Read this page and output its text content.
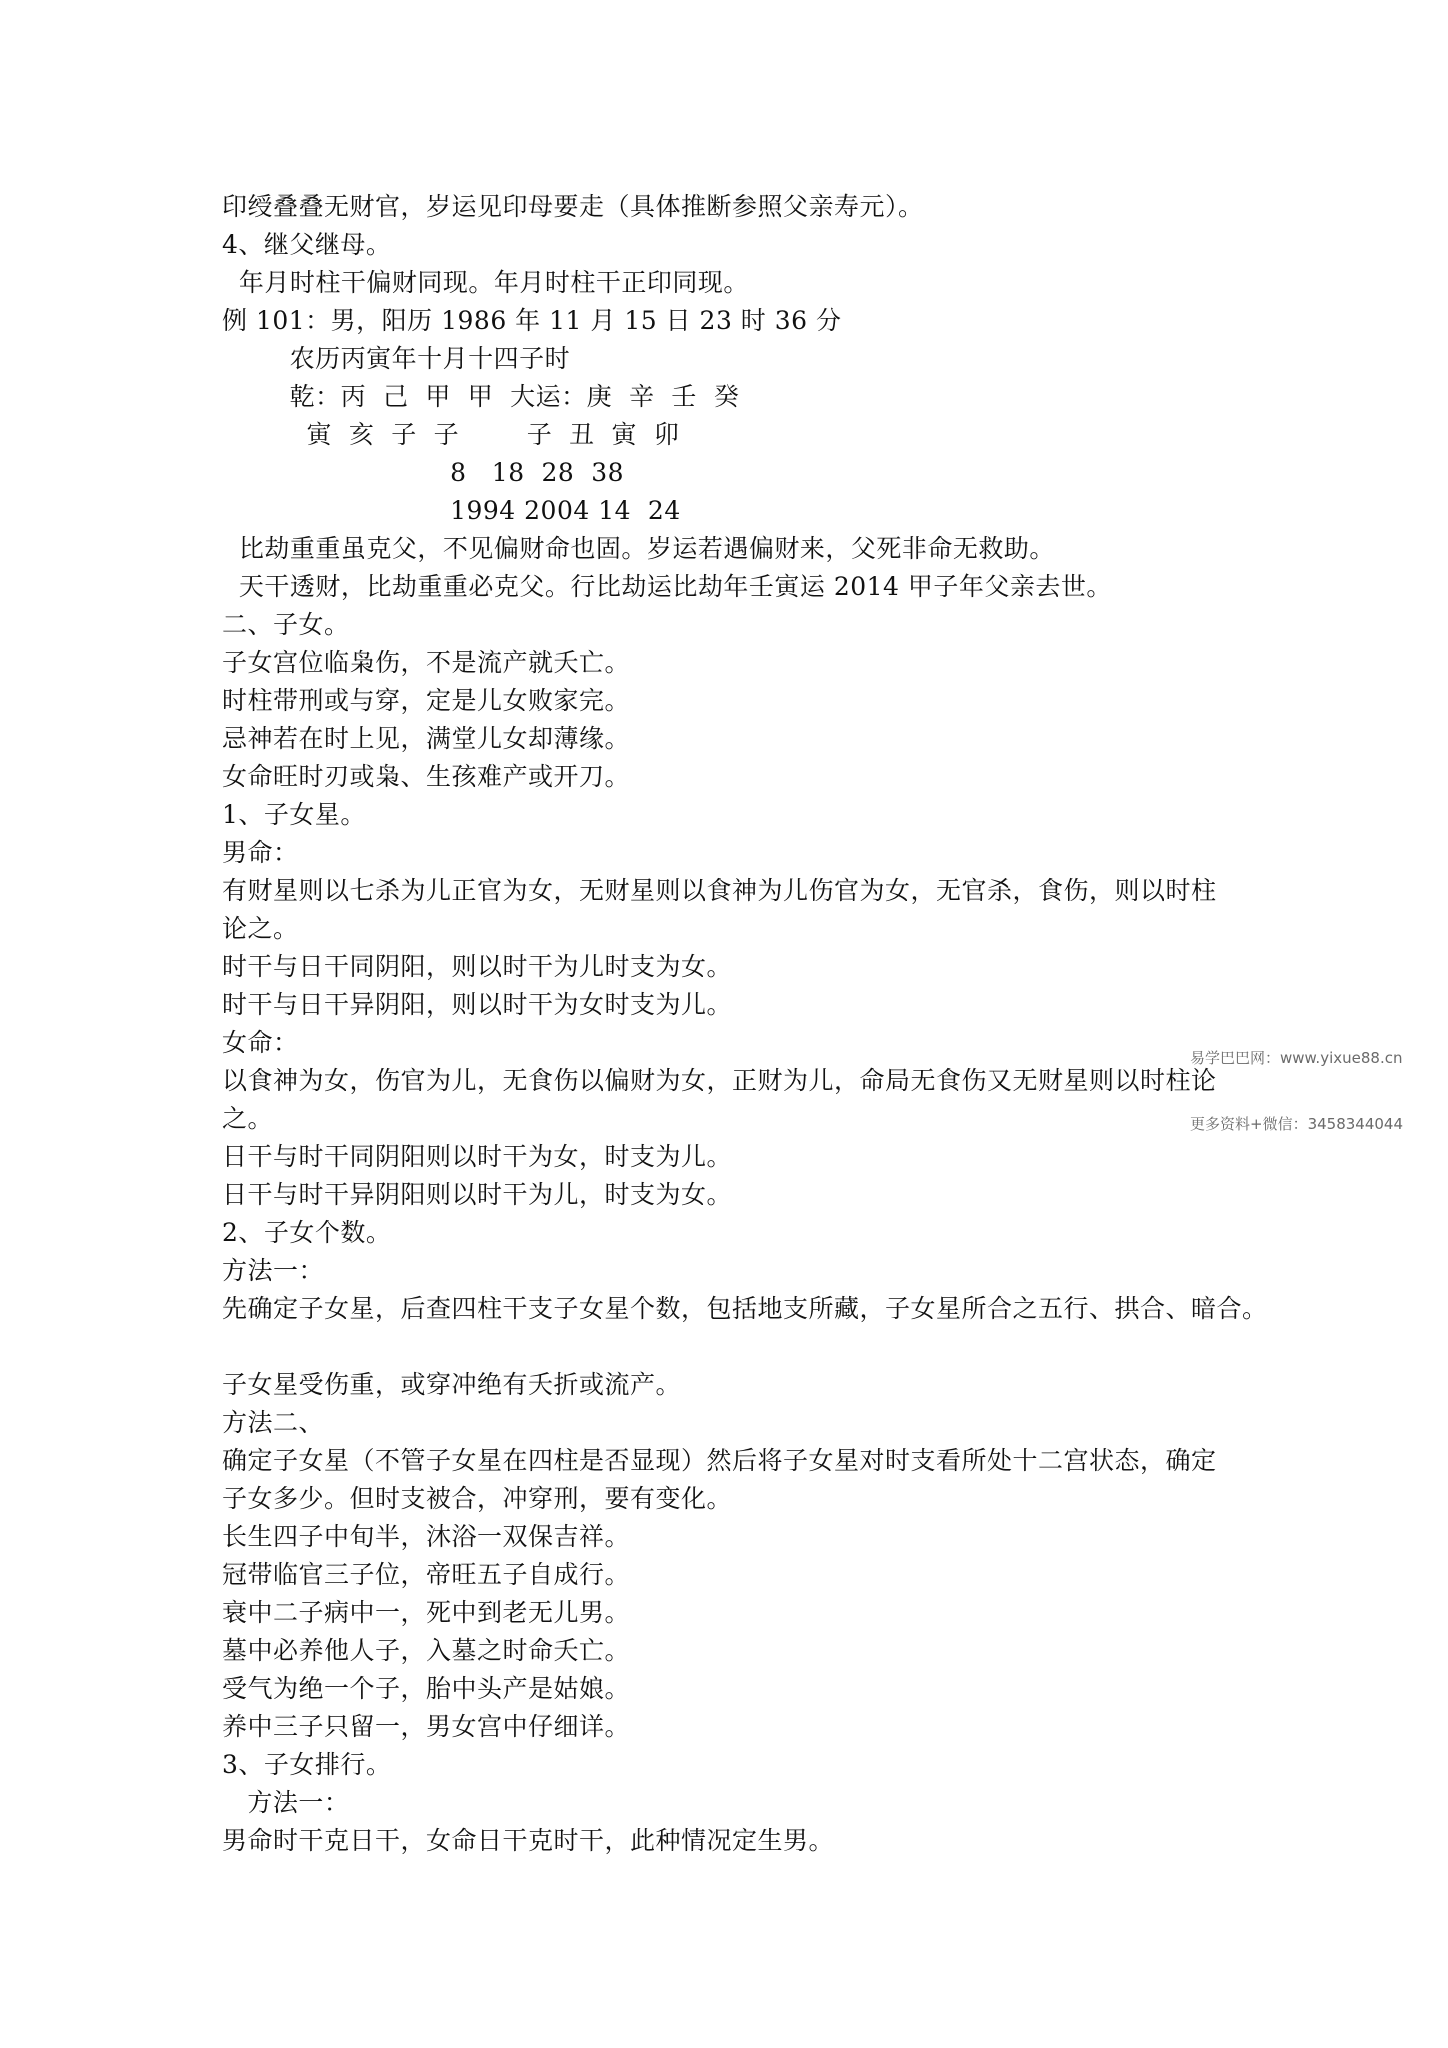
印绶叠叠无财官，岁运见印母要走（具体推断参照父亲寿元）。
4、继父继母。
年月时柱干偏财同现。年月时柱干正印同现。
例 101：男，阳历 1986 年 11 月 15 日 23 时 36 分
农历丙寅年十月十四子时
乾：丙  己  甲  甲  大运：庚  辛  壬  癸
寅  亥  子  子        子  丑  寅  卯
8   18  28  38
1994 2004 14  24
比劫重重虽克父，不见偏财命也固。岁运若遇偏财来，父死非命无救助。
天干透财，比劫重重必克父。行比劫运比劫年壬寅运 2014 甲子年父亲去世。
二、子女。
子女宫位临枭伤，不是流产就夭亡。
时柱带刑或与穿，定是儿女败家完。
忌神若在时上见，满堂儿女却薄缘。
女命旺时刃或枭、生孩难产或开刀。
1、子女星。
男命：
有财星则以七杀为儿正官为女，无财星则以食神为儿伤官为女，无官杀，食伤，则以时柱
论之。
时干与日干同阴阳，则以时干为儿时支为女。
时干与日干异阴阳，则以时干为女时支为儿。
女命：
以食神为女，伤官为儿，无食伤以偏财为女，正财为儿，命局无食伤又无财星则以时柱论
之。
日干与时干同阴阳则以时干为女，时支为儿。
日干与时干异阴阳则以时干为儿，时支为女。
2、子女个数。
方法一：
先确定子女星，后查四柱干支子女星个数，包括地支所藏，子女星所合之五行、拱合、暗合。
子女星受伤重，或穿冲绝有夭折或流产。
方法二、
确定子女星（不管子女星在四柱是否显现）然后将子女星对时支看所处十二宫状态，确定
子女多少。但时支被合，冲穿刑，要有变化。
长生四子中旬半，沐浴一双保吉祥。
冠带临官三子位，帝旺五子自成行。
衰中二子病中一，死中到老无儿男。
墓中必养他人子，入墓之时命夭亡。
受气为绝一个子，胎中头产是姑娘。
养中三子只留一，男女宫中仔细详。
3、子女排行。
方法一：
男命时干克日干，女命日干克时干，此种情况定生男。

易学巴巴网：www.yixue88.cn

更多资料+微信：3458344044
